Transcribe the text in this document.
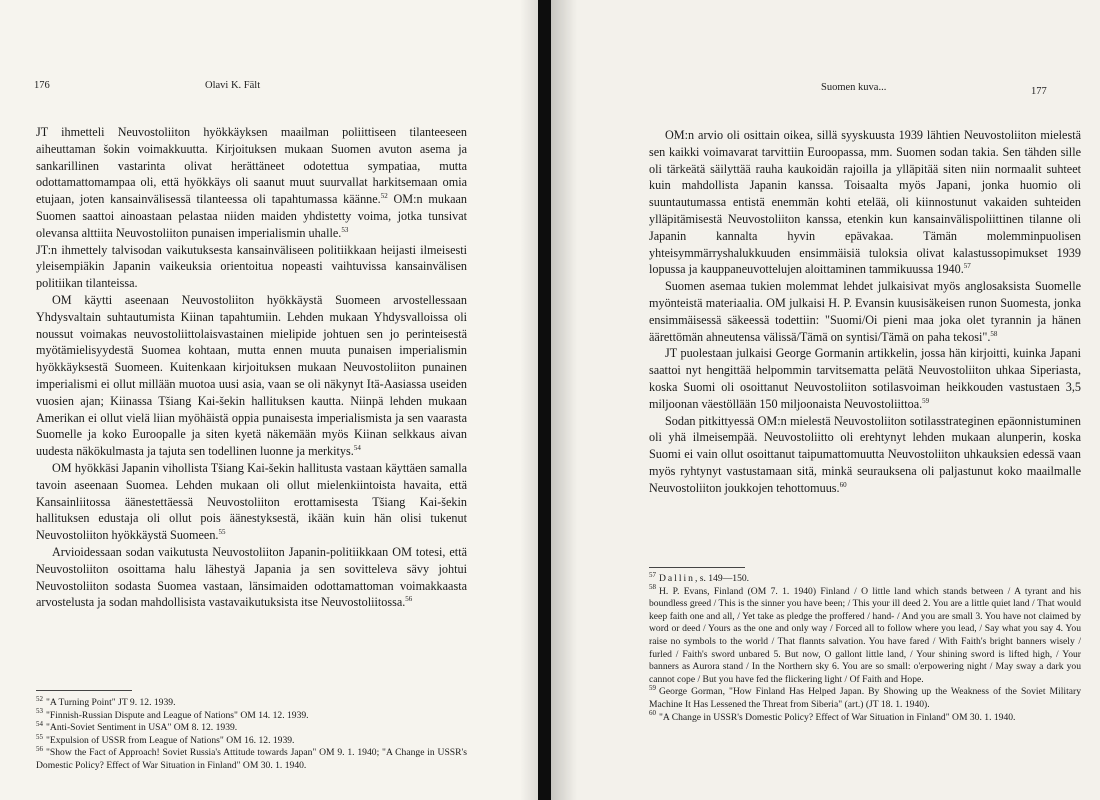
176	Olavi K. Fält

JT ihmetteli Neuvostoliiton hyökkäyksen maailman poliittiseen tilanteeseen aiheuttaman šokin voimakkuutta. Kirjoituksen mukaan Suomen avuton asema ja sankarillinen vastarinta olivat herättäneet odotettua sympatiaa, mutta odottamattomampaa oli, että hyökkäys oli saanut muut suurvallat harkitsemaan omia etujaan, joten kansainvälisessä tilanteessa oli tapahtumassa käänne.$^{52}$ OM:n mukaan Suomen saattoi ainoastaan pelastaa niiden maiden yhdistetty voima, jotka tunsivat olevansa alttiita Neuvostoliiton punaisen imperialismin uhalle.$^{53}$

JT:n ihmettely talvisodan vaikutuksesta kansainväliseen politiikkaan heijasti ilmeisesti yleisempiäkin Japanin vaikeuksia orientoitua nopeasti vaihtuvissa kansainvälisen politiikan tilanteissa.

OM käytti aseenaan Neuvostoliiton hyökkäystä Suomeen arvostellessaan Yhdysvaltain suhtautumista Kiinan tapahtumiin. Lehden mukaan Yhdysvalloissa oli noussut voimakas neuvostoliittolaisvastainen mielipide johtuen sen jo perinteisestä myötämielisyydestä Suomea kohtaan, mutta ennen muuta punaisen imperialismin hyökkäyksestä Suomeen. Kuitenkaan kirjoituksen mukaan Neuvostoliiton punainen imperialismi ei ollut millään muotoa uusi asia, vaan se oli näkynyt Itä-Aasiassa useiden vuosien ajan; Kiinassa Tšiang Kai-šekin hallituksen kautta. Niinpä lehden mukaan Amerikan ei ollut vielä liian myöhäistä oppia punaisesta imperialismista ja sen vaarasta Suomelle ja koko Euroopalle ja siten kyetä näkemään myös Kiinan selkkaus aivan uudesta näkökulmasta ja tajuta sen todellinen luonne ja merkitys.$^{54}$

OM hyökkäsi Japanin vihollista Tšiang Kai-šekin hallitusta vastaan käyttäen samalla tavoin aseenaan Suomea. Lehden mukaan oli ollut mielenkiintoista havaita, että Kansainliitossa äänestettäessä Neuvostoliiton erottamisesta Tšiang Kai-šekin hallituksen edustaja oli ollut pois äänestyksestä, ikään kuin hän olisi tukenut Neuvostoliiton hyökkäystä Suomeen.$^{55}$

Arvioidessaan sodan vaikutusta Neuvostoliiton Japanin-politiikkaan OM totesi, että Neuvostoliiton osoittama halu lähestyä Japania ja sen sovitteleva sävy johtui Neuvostoliiton sodasta Suomea vastaan, länsimaiden odottamattoman voimakkaasta arvostelusta ja sodan mahdollisista vastavaikutuksista itse Neuvostoliitossa.$^{56}$

$^{52}$ "A Turning Point" JT 9. 12. 1939.

$^{53}$ "Finnish-Russian Dispute and League of Nations" OM 14. 12. 1939.

$^{54}$ "Anti-Soviet Sentiment in USA" OM 8. 12. 1939.

$^{55}$ "Expulsion of USSR from League of Nations" OM 16. 12. 1939.

$^{56}$ "Show the Fact of Approach! Soviet Russia's Attitude towards Japan" OM 9. 1. 1940; "A Change in USSR's Domestic Policy? Effect of War Situation in Finland" OM 30. 1. 1940.

Suomen kuva...	177

OM:n arvio oli osittain oikea, sillä syyskuusta 1939 lähtien Neuvostoliiton mielestä sen kaikki voimavarat tarvittiin Euroopassa, mm. Suomen sodan takia. Sen tähden sille oli tärkeätä säilyttää rauha kaukoidän rajoilla ja ylläpitää siten niin normaalit suhteet kuin mahdollista Japanin kanssa. Toisaalta myös Japani, jonka huomio oli suuntautumassa entistä enemmän kohti etelää, oli kiinnostunut vakaiden suhteiden ylläpitämisestä Neuvostoliiton kanssa, etenkin kun kansainvälispoliittinen tilanne oli Japanin kannalta hyvin epävakaa. Tämän molemminpuolisen yhteisymmärryshalukkuuden ensimmäisiä tuloksia olivat kalastussopimukset 1939 lopussa ja kauppaneuvottelujen aloittaminen tammikuussa 1940.57

Suomen asemaa tukien molemmat lehdet julkaisivat myös anglosaksista Suomelle myönteistä materiaalia. OM julkaisi H. P. Evansin kuusisäkeisen runon Suomesta, jonka ensimmäisessä säkeessä todettiin: "Suomi/Oi pieni maa joka olet tyrannin ja hänen äärettömän ahneutensa välissä/Tämä on syntisi/Tämä on paha tekosi".$^{58}$

JT puolestaan julkaisi George Gormanin artikkelin, jossa hän kirjoitti, kuinka Japani saattoi nyt hengittää helpommin tarvitsematta pelätä Neuvostoliiton uhkaa Siperiasta, koska Suomi oli osoittanut Neuvostoliiton sotilasvoiman heikkouden vastustaen 3,5 miljoonan väestöllään 150 miljoonaista Neuvostoliittoa.$^{59}$

Sodan pitkittyessä OM:n mielestä Neuvostoliiton sotilasstrateginen epäonnistuminen oli yhä ilmeisempää. Neuvostoliitto oli erehtynyt lehden mukaan alunperin, koska Suomi ei vain ollut osoittanut taipumattomuutta Neuvostoliiton uhkauksien edessä vaan myös ryhtynyt vastustamaan sitä, minkä seurauksena oli paljastunut koko maailmalle Neuvostoliiton joukkojen tehottomuus.$^{60}$

$^{57}$ Dallin, s. 149—150.

$^{58}$ H. P. Evans, Finland (OM 7. 1. 1940) Finland / O little land which stands between / A tyrant and his boundless greed / This is the sinner you have been; / This your ill deed 2. You are a little quiet land / That would keep faith one and all, / Yet take as pledge the proffered / hand- / And you are small 3. You have not claimed by word or deed / Yours as the one and only way / Forced all to follow where you lead, / Say what you say 4. You raise no symbols to the world / That flannts salvation. You have fared / With Faith's bright banners wisely / furled / Faith's sword unbared 5. But now, O gallont little land, / Your shining sword is lifted high, / Your banners as Aurora stand / In the Northern sky 6. You are so small: o'erpowering night / May sway a dark you cannot cope / But you have fed the flickering light / Of Faith and Hope.

$^{59}$ George Gorman, "How Finland Has Helped Japan. By Showing up the Weakness of the Soviet Military Machine It Has Lessened the Threat from Siberia" (art.) (JT 18. 1. 1940).

$^{60}$ "A Change in USSR's Domestic Policy? Effect of War Situation in Finland" OM 30. 1. 1940.
